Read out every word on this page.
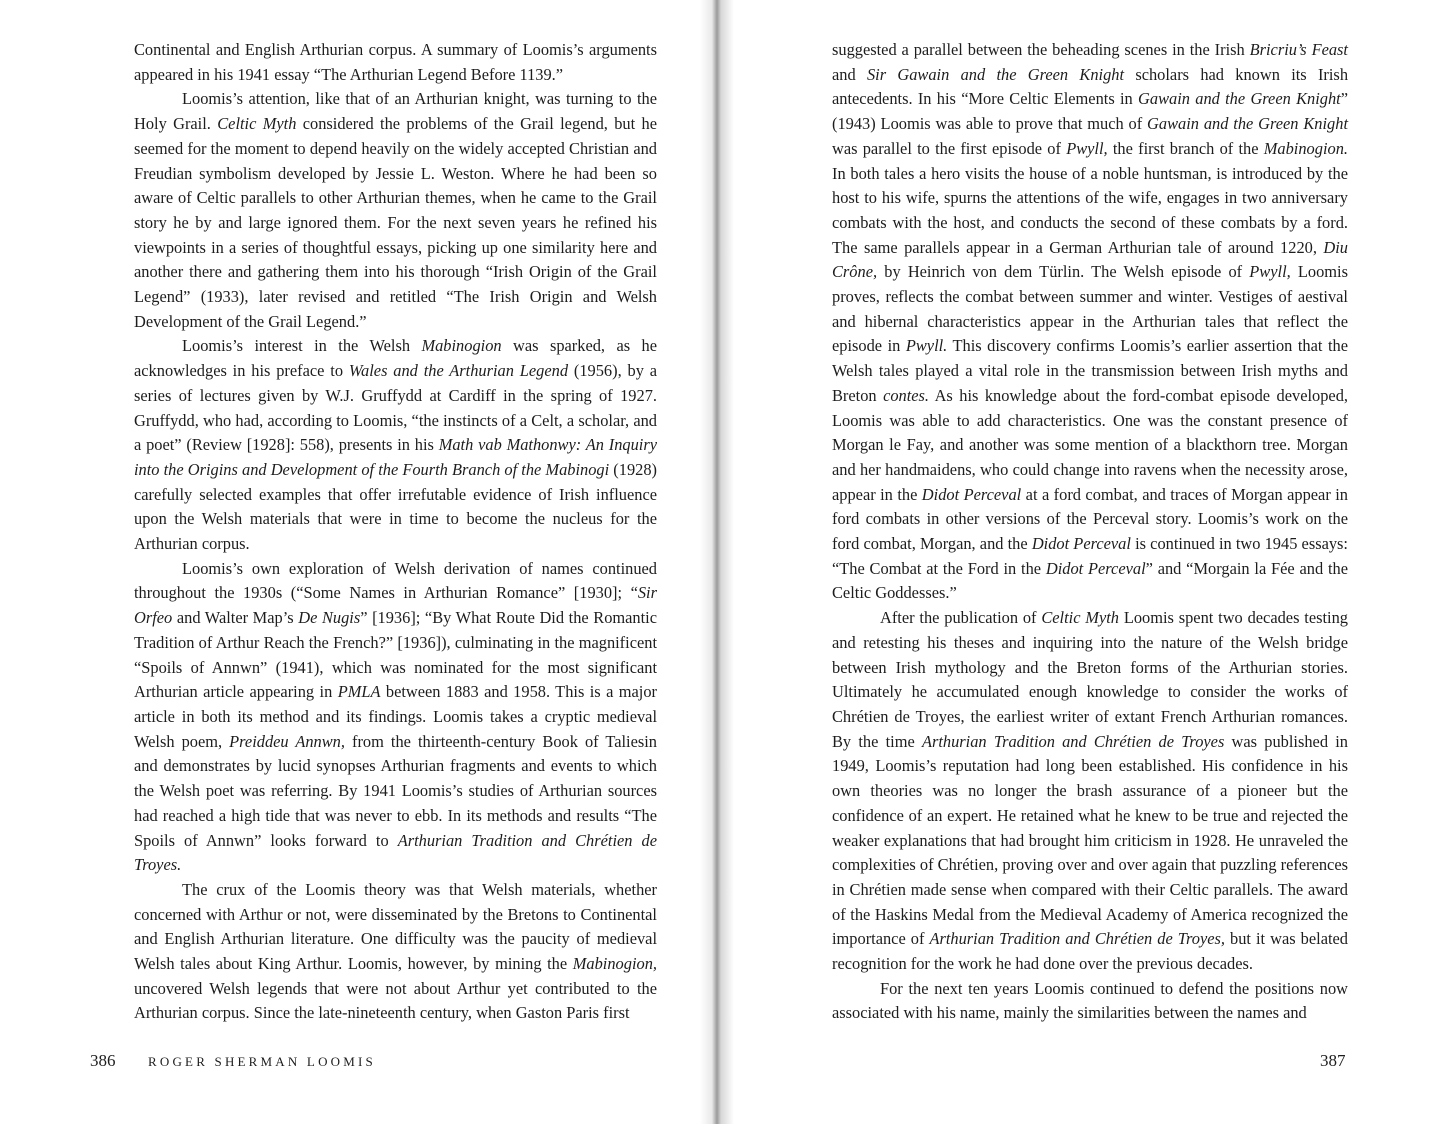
Continental and English Arthurian corpus. A summary of Loomis’s arguments appeared in his 1941 essay “The Arthurian Legend Before 1139.”

Loomis’s attention, like that of an Arthurian knight, was turning to the Holy Grail. Celtic Myth considered the problems of the Grail legend, but he seemed for the moment to depend heavily on the widely accepted Christian and Freudian symbolism developed by Jessie L. Weston. Where he had been so aware of Celtic parallels to other Arthurian themes, when he came to the Grail story he by and large ignored them. For the next seven years he refined his viewpoints in a series of thoughtful essays, picking up one similarity here and another there and gathering them into his thorough “Irish Origin of the Grail Legend” (1933), later revised and retitled “The Irish Origin and Welsh Development of the Grail Legend.”

Loomis’s interest in the Welsh Mabinogion was sparked, as he acknowledges in his preface to Wales and the Arthurian Legend (1956), by a series of lectures given by W.J. Gruffydd at Cardiff in the spring of 1927. Gruffydd, who had, according to Loomis, “the instincts of a Celt, a scholar, and a poet” (Review [1928]: 558), presents in his Math vab Mathonwy: An Inquiry into the Origins and Development of the Fourth Branch of the Mabinogi (1928) carefully selected examples that offer irrefutable evidence of Irish influence upon the Welsh materials that were in time to become the nucleus for the Arthurian corpus.

Loomis’s own exploration of Welsh derivation of names continued throughout the 1930s (“Some Names in Arthurian Romance” [1930]; “Sir Orfeo and Walter Map’s De Nugis” [1936]; “By What Route Did the Romantic Tradition of Arthur Reach the French?” [1936]), culminating in the magnificent “Spoils of Annwn” (1941), which was nominated for the most significant Arthurian article appearing in PMLA between 1883 and 1958. This is a major article in both its method and its findings. Loomis takes a cryptic medieval Welsh poem, Preiddeu Annwn, from the thirteenth-century Book of Taliesin and demonstrates by lucid synopses Arthurian fragments and events to which the Welsh poet was referring. By 1941 Loomis’s studies of Arthurian sources had reached a high tide that was never to ebb. In its methods and results “The Spoils of Annwn” looks forward to Arthurian Tradition and Chrétien de Troyes.

The crux of the Loomis theory was that Welsh materials, whether concerned with Arthur or not, were disseminated by the Bretons to Continental and English Arthurian literature. One difficulty was the paucity of medieval Welsh tales about King Arthur. Loomis, however, by mining the Mabinogion, uncovered Welsh legends that were not about Arthur yet contributed to the Arthurian corpus. Since the late-nineteenth century, when Gaston Paris first

386	ROGER SHERMAN LOOMIS

suggested a parallel between the beheading scenes in the Irish Bricriu’s Feast and Sir Gawain and the Green Knight scholars had known its Irish antecedents. In his “More Celtic Elements in Gawain and the Green Knight” (1943) Loomis was able to prove that much of Gawain and the Green Knight was parallel to the first episode of Pwyll, the first branch of the Mabinogion. In both tales a hero visits the house of a noble huntsman, is introduced by the host to his wife, spurns the attentions of the wife, engages in two anniversary combats with the host, and conducts the second of these combats by a ford. The same parallels appear in a German Arthurian tale of around 1220, Diu Crône, by Heinrich von dem Türlin. The Welsh episode of Pwyll, Loomis proves, reflects the combat between summer and winter. Vestiges of aestival and hibernal characteristics appear in the Arthurian tales that reflect the episode in Pwyll. This discovery confirms Loomis’s earlier assertion that the Welsh tales played a vital role in the transmission between Irish myths and Breton contes. As his knowledge about the ford-combat episode developed, Loomis was able to add characteristics. One was the constant presence of Morgan le Fay, and another was some mention of a blackthorn tree. Morgan and her handmaidens, who could change into ravens when the necessity arose, appear in the Didot Perceval at a ford combat, and traces of Morgan appear in ford combats in other versions of the Perceval story. Loomis’s work on the ford combat, Morgan, and the Didot Perceval is continued in two 1945 essays: “The Combat at the Ford in the Didot Perceval” and “Morgain la Fée and the Celtic Goddesses.”

After the publication of Celtic Myth Loomis spent two decades testing and retesting his theses and inquiring into the nature of the Welsh bridge between Irish mythology and the Breton forms of the Arthurian stories. Ultimately he accumulated enough knowledge to consider the works of Chrétien de Troyes, the earliest writer of extant French Arthurian romances. By the time Arthurian Tradition and Chrétien de Troyes was published in 1949, Loomis’s reputation had long been established. His confidence in his own theories was no longer the brash assurance of a pioneer but the confidence of an expert. He retained what he knew to be true and rejected the weaker explanations that had brought him criticism in 1928. He unraveled the complexities of Chrétien, proving over and over again that puzzling references in Chrétien made sense when compared with their Celtic parallels. The award of the Haskins Medal from the Medieval Academy of America recognized the importance of Arthurian Tradition and Chrétien de Troyes, but it was belated recognition for the work he had done over the previous decades.

For the next ten years Loomis continued to defend the positions now associated with his name, mainly the similarities between the names and

387
